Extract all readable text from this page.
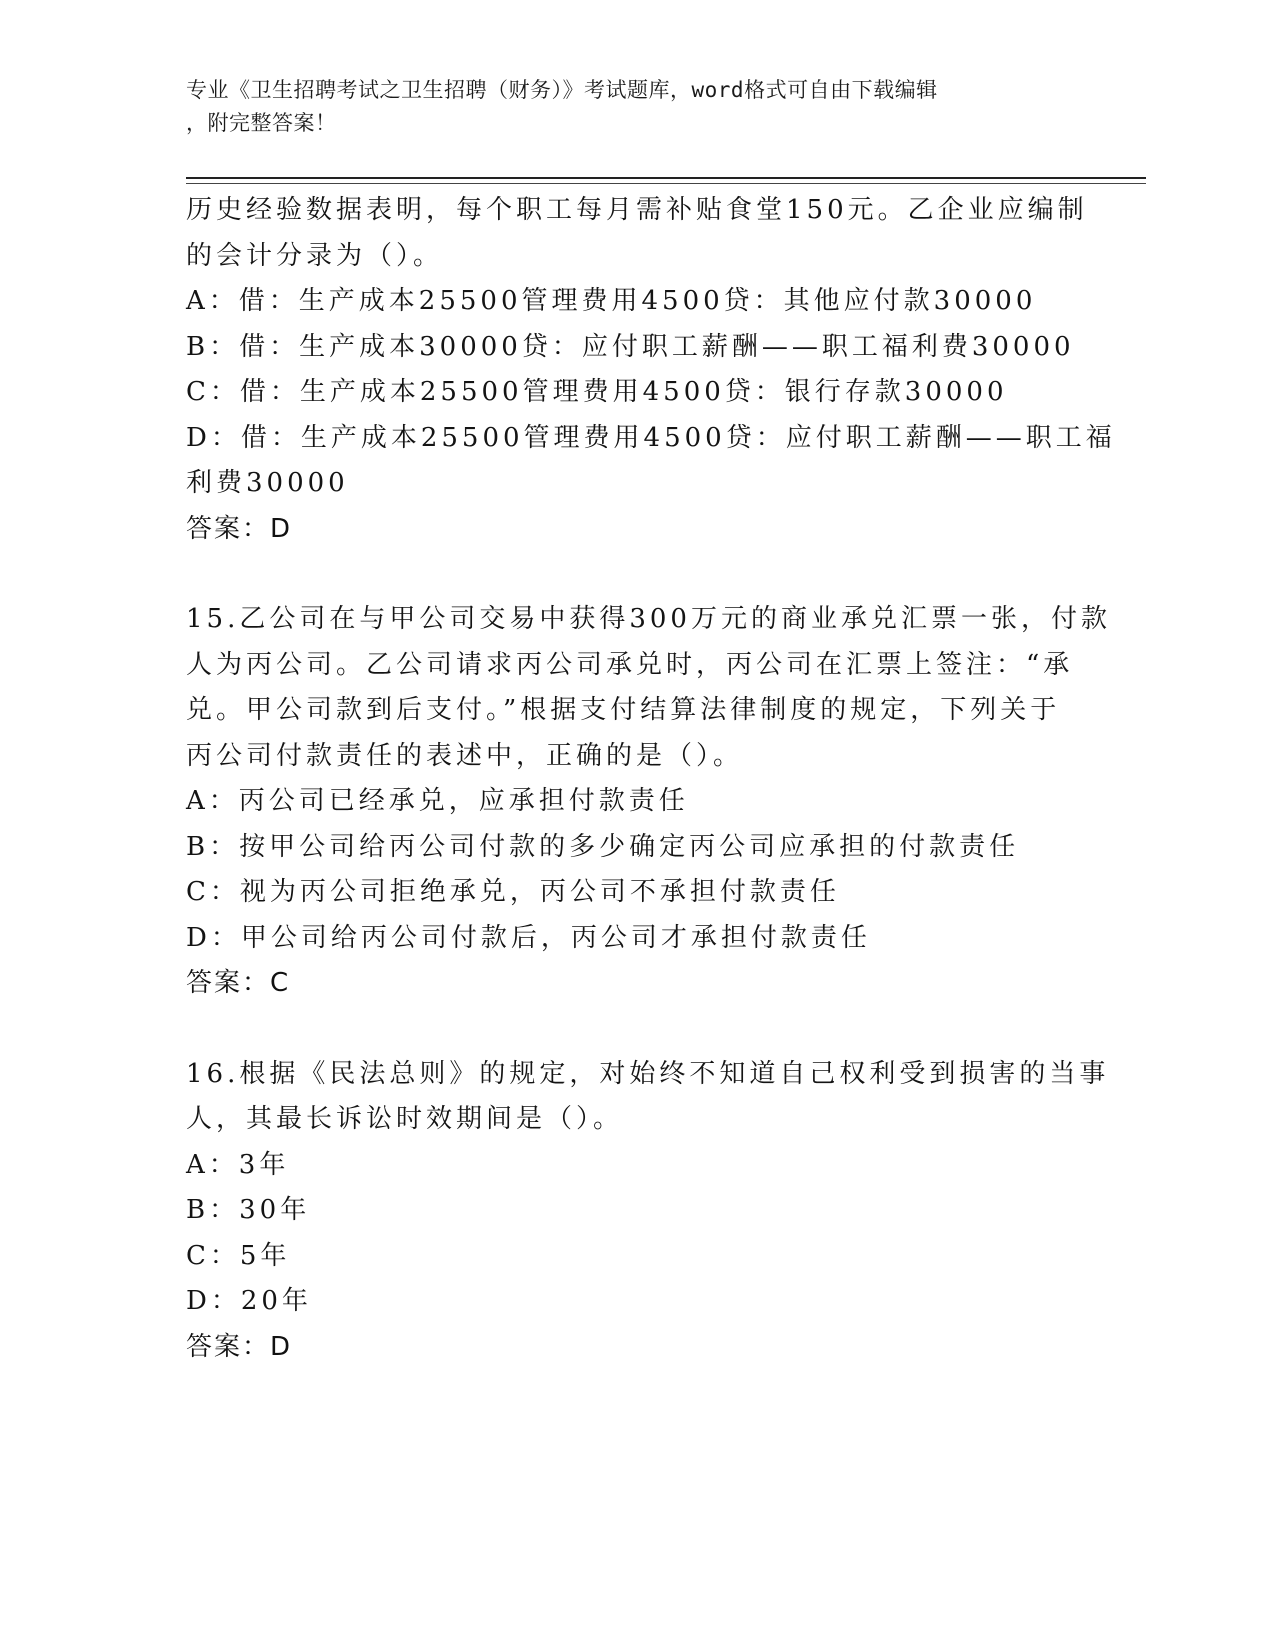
专业《卫生招聘考试之卫生招聘（财务）》考试题库，word格式可自由下载编辑
，附完整答案！
历史经验数据表明，每个职工每月需补贴食堂150元。乙企业应编制
的会计分录为（）。
A：借：生产成本25500管理费用4500贷：其他应付款30000
B：借：生产成本30000贷：应付职工薪酬——职工福利费30000
C：借：生产成本25500管理费用4500贷：银行存款30000
D：借：生产成本25500管理费用4500贷：应付职工薪酬——职工福
利费30000
答案：D
15.乙公司在与甲公司交易中获得300万元的商业承兑汇票一张，付款
人为丙公司。乙公司请求丙公司承兑时，丙公司在汇票上签注：“承
兑。甲公司款到后支付。”根据支付结算法律制度的规定，下列关于
丙公司付款责任的表述中，正确的是（）。
A：丙公司已经承兑，应承担付款责任
B：按甲公司给丙公司付款的多少确定丙公司应承担的付款责任
C：视为丙公司拒绝承兑，丙公司不承担付款责任
D：甲公司给丙公司付款后，丙公司才承担付款责任
答案：C
16.根据《民法总则》的规定，对始终不知道自己权利受到损害的当事
人，其最长诉讼时效期间是（）。
A：3年
B：30年
C：5年
D：20年
答案：D
